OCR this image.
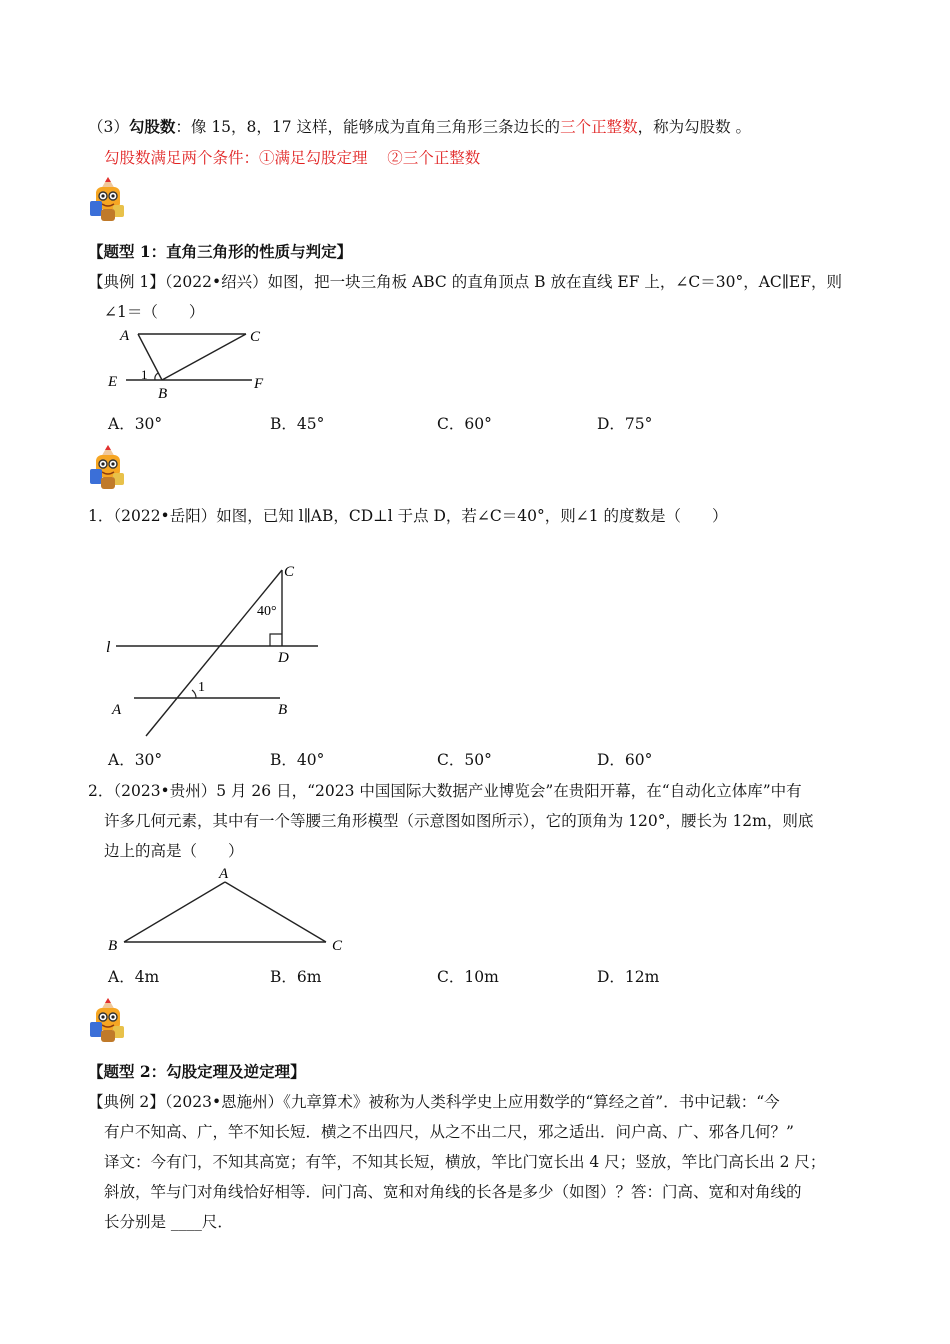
（3）勾股数：像 15，8，17 这样，能够成为直角三角形三条边长的三个正整数，称为勾股数 。
勾股数满足两个条件：①满足勾股定理    ②三个正整数
【题型 1：直角三角形的性质与判定】
【典例 1】（2022•绍兴）如图，把一块三角板 ABC 的直角顶点 B 放在直线 EF 上，∠C＝30°，AC∥EF，则
∠1＝（　　）
A	C
E 1
B
F
A．30°	B．45°	C．60°	D．75°
1．（2022•岳阳）如图，已知 l∥AB，CD⊥l 于点 D，若∠C＝40°，则∠1 的度数是（　　）
C
40°
l
D
1
A	B
A．30°	B．40°	C．50°	D．60°
2．（2023•贵州）5 月 26 日，“2023 中国国际大数据产业博览会”在贵阳开幕，在“自动化立体库”中有
许多几何元素，其中有一个等腰三角形模型（示意图如图所示），它的顶角为 120°，腰长为 12m，则底
边上的高是（　　）
A
B	C
A．4m	B．6m	C．10m	D．12m
【题型 2：勾股定理及逆定理】
【典例 2】（2023•恩施州）《九章算术》被称为人类科学史上应用数学的“算经之首”．书中记载：“今
有户不知高、广，竿不知长短．横之不出四尺，从之不出二尺，邪之适出．问户高、广、邪各几何？”
译文：今有门，不知其高宽；有竿，不知其长短，横放，竿比门宽长出 4 尺；竖放，竿比门高长出 2 尺；
斜放，竿与门对角线恰好相等．问门高、宽和对角线的长各是多少（如图）？答：门高、宽和对角线的
长分别是 ____尺．
